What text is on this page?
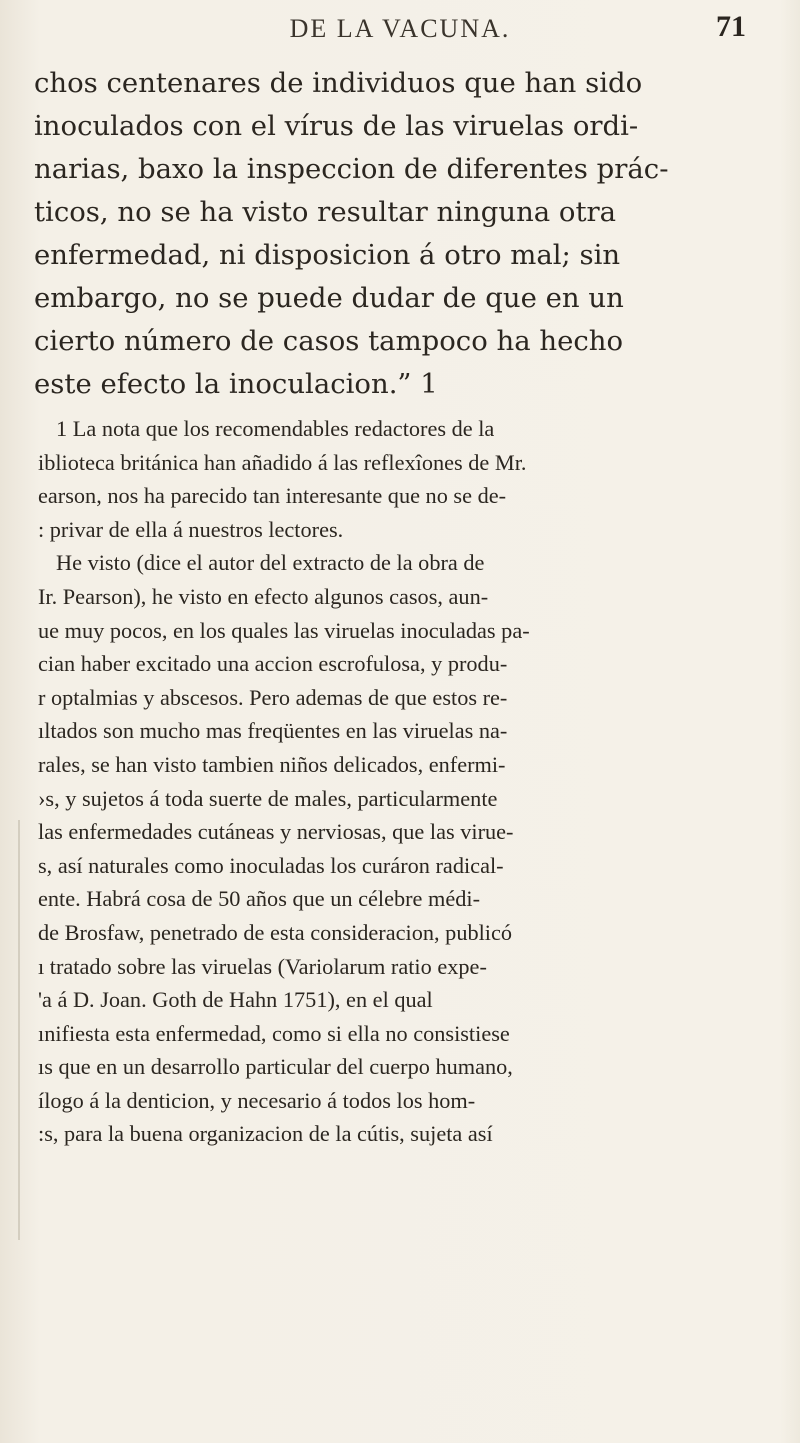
DE LA VACUNA.	71
chos centenares de individuos que han sido
inoculados con el vírus de las viruelas ordi-
narias, baxo la inspeccion de diferentes prác-
ticos, no se ha visto resultar ninguna otra
enfermedad, ni disposicion á otro mal; sin
embargo, no se puede dudar de que en un
cierto número de casos tampoco ha hecho
este efecto la inoculacion.” 1
1 La nota que los recomendables redactores de la
iblioteca británica han añadido á las reflexîones de Mr.
earson, nos ha parecido tan interesante que no se de-
: privar de ella á nuestros lectores.
He visto (dice el autor del extracto de la obra de
Ir. Pearson), he visto en efecto algunos casos, aun-
ue muy pocos, en los quales las viruelas inoculadas pa-
cian haber excitado una accion escrofulosa, y produ-
r optalmias y abscesos. Pero ademas de que estos re-
ıltados son mucho mas freqüentes en las viruelas na-
rales, se han visto tambien niños delicados, enfermi-
›s, y sujetos á toda suerte de males, particularmente
las enfermedades cutáneas y nerviosas, que las virue-
s, así naturales como inoculadas los curáron radical-
ente. Habrá cosa de 50 años que un célebre médi-
de Brosfaw, penetrado de esta consideracion, publicó
ı tratado sobre las viruelas (Variolarum ratio expe-
'a á D. Joan. Goth de Hahn 1751), en el qual
ınifiesta esta enfermedad, como si ella no consistiese
ıs que en un desarrollo particular del cuerpo humano,
ílogo á la denticion, y necesario á todos los hom-
:s, para la buena organizacion de la cútis, sujeta así
